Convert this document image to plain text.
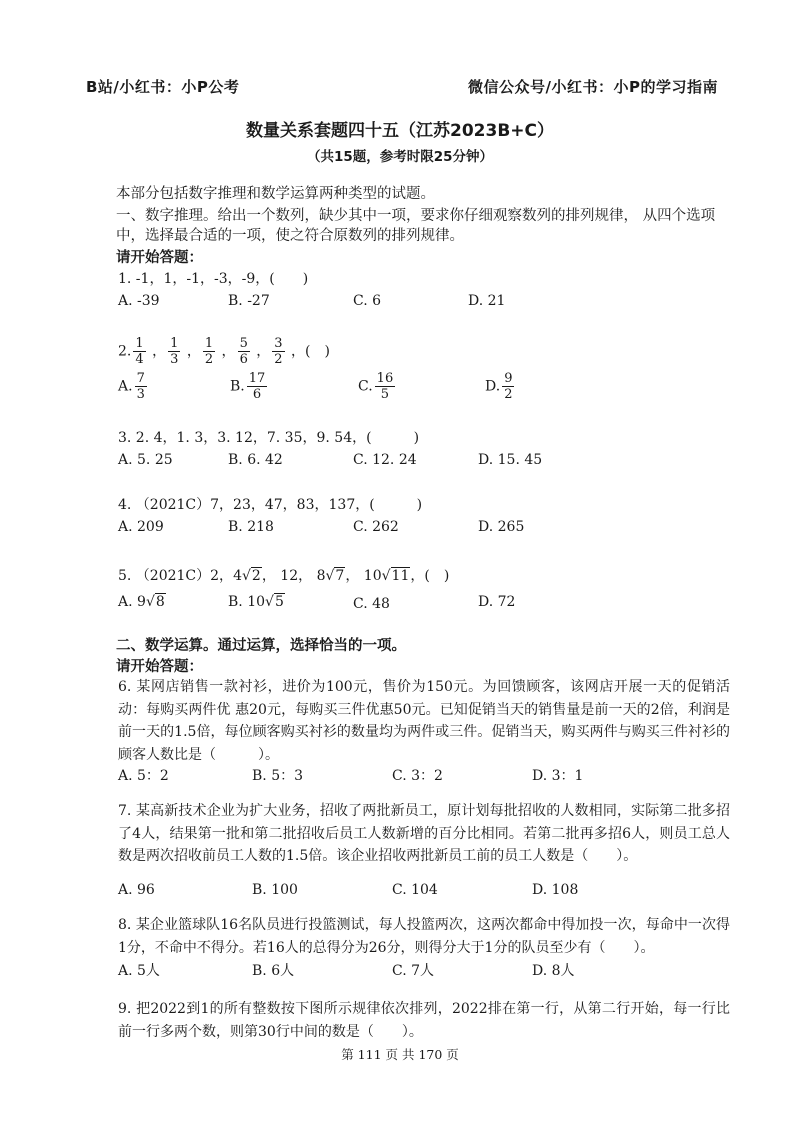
B站/小红书：小P公考	微信公众号/小红书：小P的学习指南
数量关系套题四十五（江苏2023B+C）
（共15题，参考时限25分钟）
本部分包括数字推理和数学运算两种类型的试题。
一、数字推理。给出一个数列，缺少其中一项，要求你仔细观察数列的排列规律， 从四个选项中，选择最合适的一项，使之符合原数列的排列规律。
请开始答题：
1. -1，1，-1，-3，-9，(　　)
A. -39	B. -27	C. 6	D. 21
2. $\frac{1}{4}$ ， $\frac{1}{3}$ ， $\frac{1}{2}$ ， $\frac{5}{6}$ ， $\frac{3}{2}$ ，(　)
A. $\frac{7}{3}$	B. $\frac{17}{6}$	C. $\frac{16}{5}$	D. $\frac{9}{2}$
3. 2. 4，1. 3，3. 12，7. 35，9. 54，(　　　)
A. 5. 25	B. 6. 42	C. 12. 24	D. 15. 45
4. （2021C）7，23，47，83，137，(　　　)
A. 209	B. 218	C. 262	D. 265
5. （2021C）2，4√2， 12， 8√7， 10√11，(　)
A. 9√8	B. 10√5	C. 48	D. 72
二、数学运算。通过运算，选择恰当的一项。
请开始答题：
6. 某网店销售一款衬衫，进价为100元，售价为150元。为回馈顾客，该网店开展一天的促销活动：每购买两件优 惠20元，每购买三件优惠50元。已知促销当天的销售量是前一天的2倍，利润是前一天的1.5倍，每位顾客购买衬衫的数量均为两件或三件。促销当天，购买两件与购买三件衬衫的顾客人数比是（　　　）。
A. 5：2	B. 5：3	C. 3：2	D. 3：1
7. 某高新技术企业为扩大业务，招收了两批新员工，原计划每批招收的人数相同，实际第二批多招了4人，结果第一批和第二批招收后员工人数新增的百分比相同。若第二批再多招6人，则员工总人数是两次招收前员工人数的1.5倍。该企业招收两批新员工前的员工人数是（　　）。
A. 96	B. 100	C. 104	D. 108
8. 某企业篮球队16名队员进行投篮测试，每人投篮两次，这两次都命中得加投一次，每命中一次得1分，不命中不得分。若16人的总得分为26分，则得分大于1分的队员至少有（　　）。
A. 5人	B. 6人	C. 7人	D. 8人
9. 把2022到1的所有整数按下图所示规律依次排列，2022排在第一行，从第二行开始，每一行比前一行多两个数，则第30行中间的数是（　　）。
第 111 页 共 170 页
